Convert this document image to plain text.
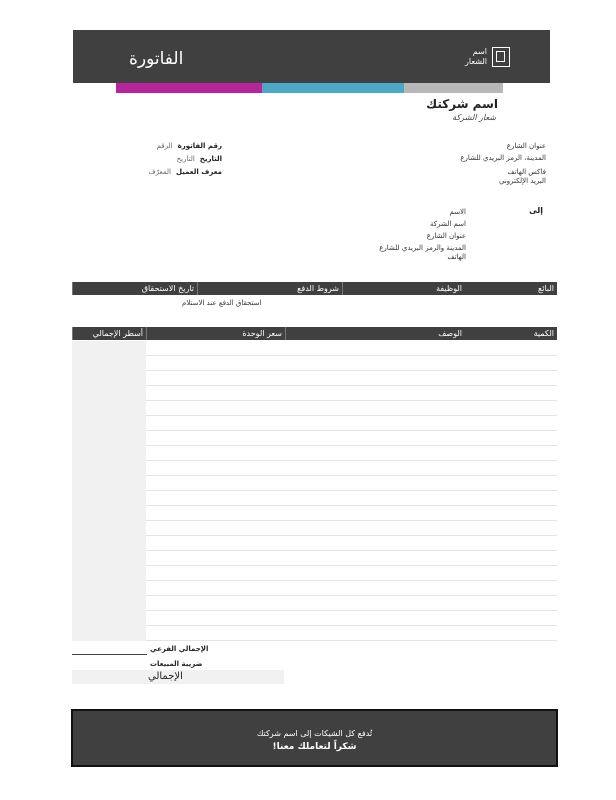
الفاتورة	اسم
الشعار
اسم شركتك
شعار الشركة
عنوان الشارع
المدينة، الرمز البريدي للشارع
فاكس الهاتف
البريد الإلكتروني
رقم الفاتورة
الرقم
التاريخ
التاريخ
معرف العميل
المعرّف
إلى
الاسم
اسم الشركة
عنوان الشارع
المدينة والرمز البريدي للشارع
الهاتف
البائع
الوظيفة
شروط الدفع
تاريخ الاستحقاق
استحقاق الدفع عند الاستلام
الكمية
الوصف
سعر الوحدة
أسطر الإجمالي
الإجمالي الفرعي
ضريبة المبيعات
الإجمالي
تُدفع كل الشيكات إلى اسم شركتك
شكراً لتعاملك معنا!
